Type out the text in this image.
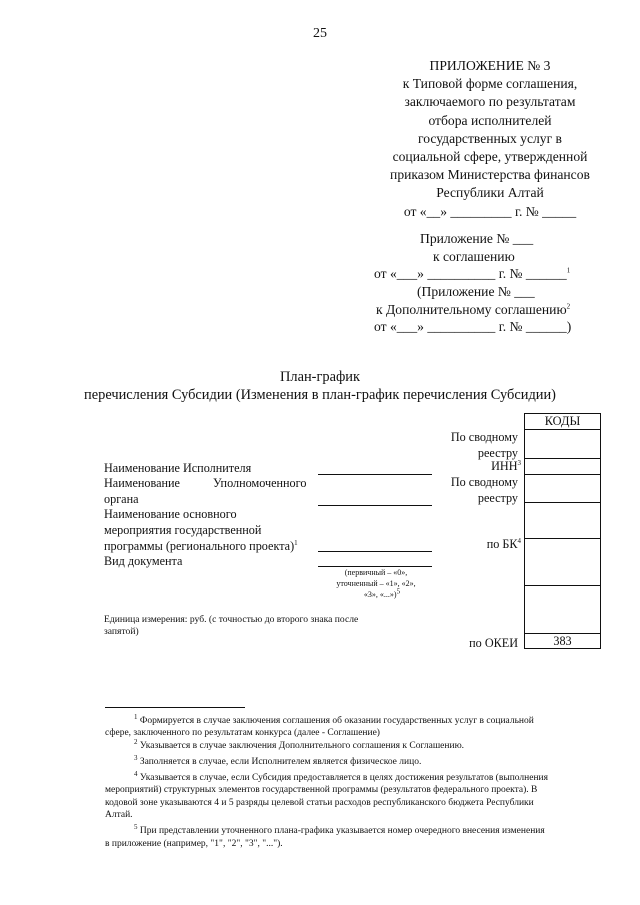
25
ПРИЛОЖЕНИЕ № 3
к Типовой форме соглашения,
заключаемого по результатам
отбора исполнителей
государственных услуг в
социальной сфере, утвержденной
приказом Министерства финансов
Республики Алтай
от «__» _________ г. № _____
Приложение № ___
к соглашению
от «___» __________ г. № ______$^1$
(Приложение № ___
к Дополнительному соглашению$^2$
от «___» __________ г. № ______)
План-график
перечисления Субсидии (Изменения в план-график перечисления Субсидии)
КОДЫ
383
По сводному
реестру
ИНН$^3$
По сводному
реестру
по $БК^4$
по ОКЕИ
Наименование Исполнителя
Наименование	Уполномоченного
органа
Наименование основного
мероприятия государственной
программы (регионального проекта)$^1$
Вид документа
(первичный – «0»,
уточненный – «1», «2»,
«3», «...»)$^5$
Единица измерения: руб. (с точностью до второго знака после
запятой)
$^1$ Формируется в случае заключения соглашения об оказании государственных услуг в социальной
сфере, заключенного по результатам конкурса (далее - Соглашение)
$^2$ Указывается в случае заключения Дополнительного соглашения к Соглашению.
$^3$ Заполняется в случае, если Исполнителем является физическое лицо.
$^4$ Указывается в случае, если Субсидия предоставляется в целях достижения результатов (выполнения
мероприятий) структурных элементов государственной программы (результатов федерального проекта). В
кодовой зоне указываются 4 и 5 разряды целевой статьи расходов республиканского бюджета Республики
Алтай.
$^5$ При представлении уточненного плана-графика указывается номер очередного внесения изменения
в приложение (например, "1", "2", "3", "...").
